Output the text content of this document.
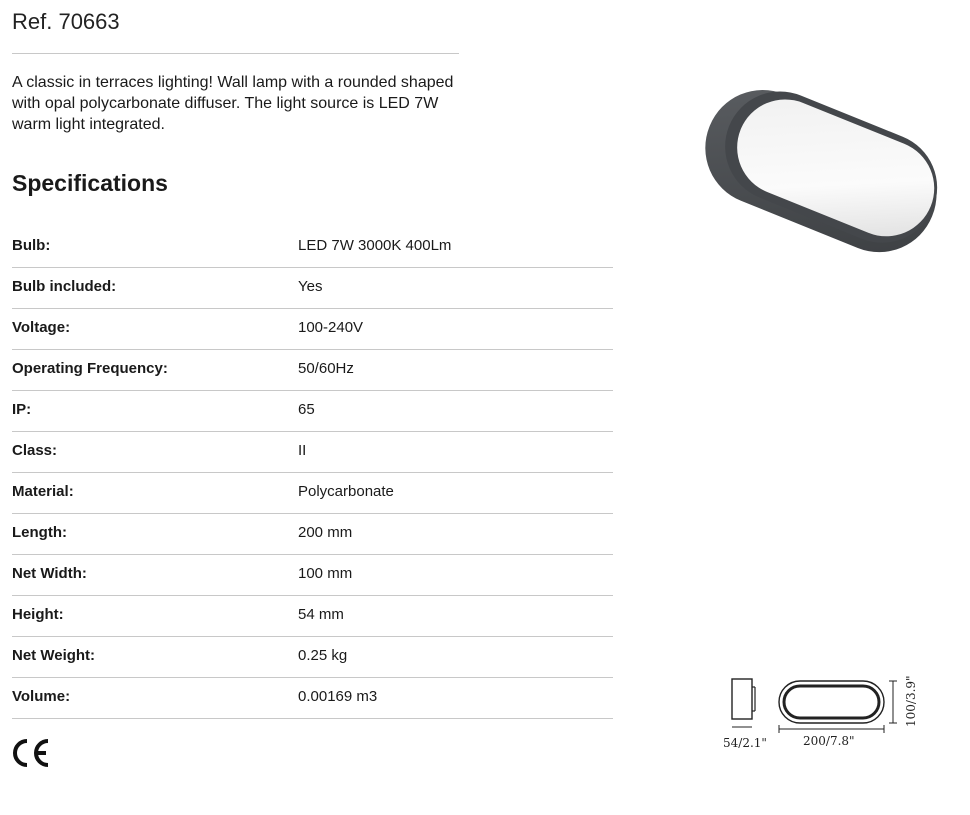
Ref. 70663

A classic in terraces lighting! Wall lamp with a rounded shaped with opal polycarbonate diffuser. The light source is LED 7W warm light integrated.

Specifications
Bulb:	LED 7W 3000K 400Lm
Bulb included:	Yes
Voltage:	100-240V
Operating Frequency:	50/60Hz
IP:	65
Class:	II
Material:	Polycarbonate
Length:	200 mm
Net Width:	100 mm
Height:	54 mm
Net Weight:	0.25 kg
Volume:	0.00169 m3
54/2.1"	200/7.8"
100/3.9"
